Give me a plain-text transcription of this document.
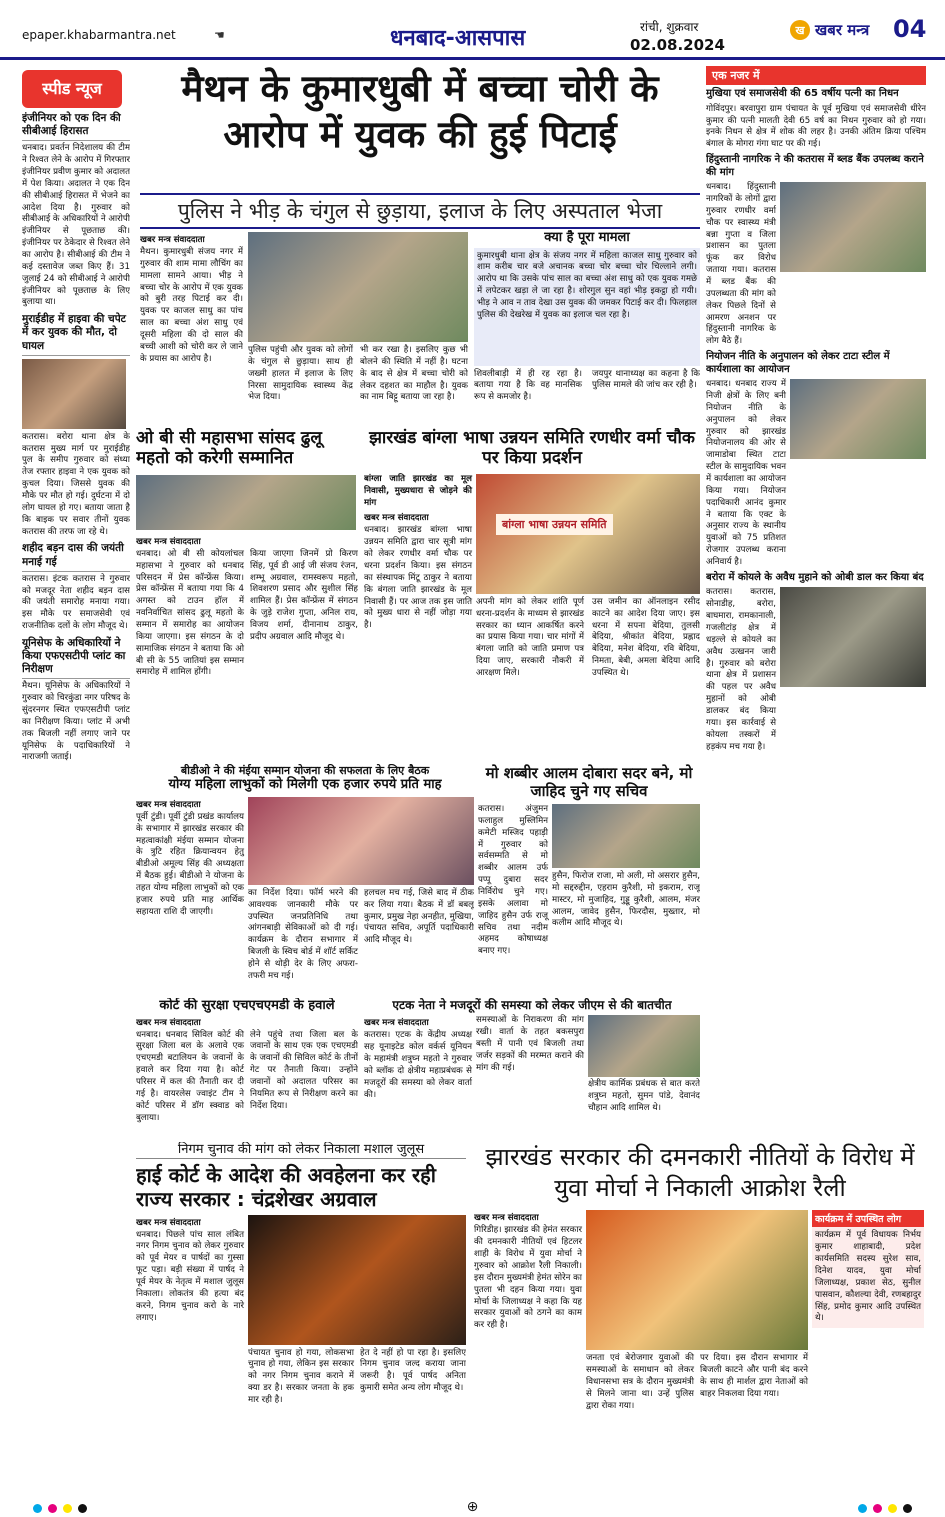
epaper.khabarmantra.net	☚	धनबाद-आसपास	रांची, शुक्रवार
02.08.2024
ख खबर मन्त्र 04
स्पीड न्यूज
इंजीनियर को एक दिन की सीबीआई हिरासत
धनबाद। प्रवर्तन निदेशालय की टीम ने रिश्वत लेने के आरोप में गिरफ्तार इंजीनियर प्रवीण कुमार को अदालत में पेश किया। अदालत ने एक दिन की सीबीआई हिरासत में भेजने का आदेश दिया है। गुरुवार को सीबीआई के अधिकारियों ने आरोपी इंजीनियर से पूछताछ की। इंजीनियर पर ठेकेदार से रिश्वत लेने का आरोप है। सीबीआई की टीम ने कई दस्तावेज जब्त किए हैं। 31 जुलाई 24 को सीबीआई ने आरोपी इंजीनियर को पूछताछ के लिए बुलाया था।
मुराईडीह में हाइवा की चपेट में कर युवक की मौत, दो घायल
कतरास। बरोरा थाना क्षेत्र के कतरास मुख्य मार्ग पर मुराईडीह पुल के समीप गुरुवार को संध्या तेज रफ्तार हाइवा ने एक युवक को कुचल दिया। जिससे युवक की मौके पर मौत हो गई। दुर्घटना में दो लोग घायल हो गए। बताया जाता है कि बाइक पर सवार तीनों युवक कतरास की तरफ जा रहे थे।
शहीद बड़न दास की जयंती मनाई गई
कतरास। इंटक कतरास ने गुरुवार को मजदूर नेता शहीद बड़न दास की जयंती समारोह मनाया गया। इस मौके पर समाजसेवी एवं राजनीतिक दलों के लोग मौजूद थे।
यूनिसेफ के अधिकारियों ने किया एफएसटीपी प्लांट का निरीक्षण
मैथन। यूनिसेफ के अधिकारियों ने गुरुवार को चिरकुंडा नगर परिषद के सुंदरनगर स्थित एफएसटीपी प्लांट का निरीक्षण किया। प्लांट में अभी तक बिजली नहीं लगाए जाने पर यूनिसेफ के पदाधिकारियों ने नाराजगी जताई।
मैथन के कुमारधुबी में बच्चा चोरी के आरोप में युवक की हुई पिटाई
पुलिस ने भीड़ के चंगुल से छुड़ाया, इलाज के लिए अस्पताल भेजा
खबर मन्त्र संवाददाता
मैथन। कुमारधुबी संजय नगर में गुरुवार की शाम मामा लौचिंग का मामला सामने आया। भीड़ ने बच्चा चोर के आरोप में एक युवक को बुरी तरह पिटाई कर दी। युवक पर काजल साधु का पांच साल का बच्चा अंश साधु एवं दूसरी महिला की दो साल की बच्ची आशी को चोरी कर ले जाने के प्रयास का आरोप है।
पुलिस पहुंची और युवक को लोगों के चंगुल से छुड़ाया। साथ ही जख्मी हालत में इलाज के लिए निरसा सामुदायिक स्वास्थ्य केंद्र भेज दिया।
भी कर रखा है। इसलिए कुछ भी बोलने की स्थिति में नहीं है। घटना के बाद से क्षेत्र में बच्चा चोरी को लेकर दहशत का माहौल है। युवक का नाम बिट्टू बताया जा रहा है।
क्या है पूरा मामला
कुमारधुबी थाना क्षेत्र के संजय नगर में महिला काजल साधु गुरुवार को शाम करीब चार बजे अचानक बच्चा चोर बच्चा चोर चिल्लाने लगी। आरोप था कि उसके पांच साल का बच्चा अंश साधु को एक युवक गमछे में लपेटकर खड़ा ले जा रहा है। शोरगुल सुन वहां भीड़ इकट्ठा हो गयी। भीड़ ने आव न ताव देखा उस युवक की जमकर पिटाई कर दी। फिलहाल पुलिस की देखरेख में युवक का इलाज चल रहा है।
शिवलीबाड़ी में ही रह रहा है। बताया गया है कि वह मानसिक रूप से कमजोर है।
जयपुर थानाध्यक्ष का कहना है कि पुलिस मामले की जांच कर रही है।
ओ बी सी महासभा सांसद ढुलू महतो को करेगी सम्मानित
खबर मन्त्र संवाददाता
धनबाद। ओ बी सी कोयलांचल महासभा ने गुरुवार को धनबाद परिसदन में प्रेस कॉन्फ्रेंस किया। प्रेस कॉन्फ्रेंस में बताया गया कि 4 अगस्त को टाउन हॉल में नवनिर्वाचित सांसद ढुलू महतो के सम्मान में समारोह का आयोजन किया जाएगा। इस संगठन के दो सामाजिक संगठन ने बताया कि ओ बी सी के 55 जातियां इस सम्मान समारोह में शामिल होंगी।
किया जाएगा जिनमें प्रो किरण सिंह, पूर्व डी आई जी संजय रंजन, शम्भू अग्रवाल, रामस्वरूप महतो, शिवशरण प्रसाद और सुशील सिंह शामिल हैं। प्रेस कॉन्फ्रेंस में संगठन के जुड़े राजेश गुप्ता, अनिल राय, विजय शर्मा, दीनानाथ ठाकुर, प्रदीप अग्रवाल आदि मौजूद थे।
झारखंड बांग्ला भाषा उन्नयन समिति रणधीर वर्मा चौक पर किया प्रदर्शन
बांग्ला जाति झारखंड का मूल निवासी, मुख्यधारा से जोड़ने की मांग
खबर मन्त्र संवाददाता
धनबाद। झारखंड बांग्ला भाषा उन्नयन समिति द्वारा चार सूत्री मांग को लेकर रणधीर वर्मा चौक पर धरना प्रदर्शन किया। इस संगठन का संस्थापक मिंटू ठाकुर ने बताया कि बंगला जाति झारखंड के मूल निवासी हैं। पर आज तक इस जाति को मुख्य धारा से नहीं जोड़ा गया है।
बांग्ला भाषा उन्नयन समिति
अपनी मांग को लेकर शांति पूर्ण धरना-प्रदर्शन के माध्यम से झारखंड सरकार का ध्यान आकर्षित करने का प्रयास किया गया। चार मांगों में बंगला जाति को जाति प्रमाण पत्र दिया जाए, सरकारी नौकरी में आरक्षण मिले।
उस जमीन का ऑनलाइन रसीद काटने का आदेश दिया जाए। इस धरना में सपना बेदिया, तुलसी बेदिया, श्रीकांत बेदिया, प्रह्लाद बेदिया, मनेश बेदिया, रवि बेदिया, निमता, बेबी, अमला बेदिया आदि उपस्थित थे।
बीडीओ ने की मंईया सम्मान योजना की सफलता के लिए बैठक
योग्य महिला लाभुकों को मिलेगी एक हजार रुपये प्रति माह
खबर मन्त्र संवाददाता
पूर्वी टुंडी। पूर्वी टुंडी प्रखंड कार्यालय के सभागार में झारखंड सरकार की महत्वाकांक्षी मंईया सम्मान योजना के त्रुटि रहित क्रियान्वयन हेतु बीडीओ अमूल्य सिंह की अध्यक्षता में बैठक हुई। बीडीओ ने योजना के तहत योग्य महिला लाभुकों को एक हजार रुपये प्रति माह आर्थिक सहायता राशि दी जाएगी।
का निर्देश दिया। फॉर्म भरने की आवश्यक जानकारी मौके पर उपस्थित जनप्रतिनिधि तथा आंगनबाड़ी सेविकाओं को दी गई। कार्यक्रम के दौरान सभागार में बिजली के स्विच बोर्ड में शॉर्ट सर्किट होने से थोड़ी देर के लिए अफरा-तफरी मच गई।
हलचल मच गई, जिसे बाद में ठीक कर लिया गया। बैठक में डॉ बबलू कुमार, प्रमुख नेहा अनहीत, मुखिया, पंचायत सचिव, अपूर्ति पदाधिकारी आदि मौजूद थे।
मो शब्बीर आलम दोबारा सदर बने, मो जाहिद चुने गए सचिव
कतरास। अंजुमन फलाहुल मुस्लिमिन कमेटी मस्जिद पहाड़ी में गुरुवार को सर्वसम्मति से मो शब्बीर आलम उर्फ पप्पू दुबारा सदर निर्विरोध चुने गए। इसके अलावा मो जाहिद हुसैन उर्फ राजू सचिव तथा नदीम अहमद कोषाध्यक्ष बनाए गए।
हुसैन, फिरोज राजा, मो अली, मो असरार हुसैन, मो सद्दरुद्दीन, एहराम कुरैशी, मो इकराम, राजू मास्टर, मो मुजाहिद, गुड्डू कुरैशी, आलम, मंजर आलम, जावेद हुसैन, फिरदौस, मुख्तार, मो कलीम आदि मौजूद थे।
कोर्ट की सुरक्षा एचएचएमडी के हवाले
खबर मन्त्र संवाददाता
धनबाद। धनबाद सिविल कोर्ट की सुरक्षा जिला बल के अलावे एक एचएमडी बटालियन के जवानों के हवाले कर दिया गया है। कोर्ट परिसर में कल की तैनाती कर दी गई है। वायरलेस ज्वाइंट टीम ने कोर्ट परिसर में डॉग स्क्वाड को बुलाया।
लेने पहुंचे तथा जिला बल के जवानों के साथ एक एक एचएमडी के जवानों की सिविल कोर्ट के तीनों गेट पर तैनाती किया। उन्होंने जवानों को अदालत परिसर का नियमित रूप से निरीक्षण करने का निर्देश दिया।
एटक नेता ने मजदूरों की समस्या को लेकर जीएम से की बातचीत
खबर मन्त्र संवाददाता
कतरास। एटक के केंद्रीय अध्यक्ष सह यूनाइटेड कोल वर्कर्स यूनियन के महामंत्री शत्रुघ्न महतो ने गुरुवार को ब्लॉक दो क्षेत्रीय महाप्रबंधक से मजदूरों की समस्या को लेकर वार्ता की।
समस्याओं के निराकरण की मांग रखी। वार्ता के तहत बकसपुरा बस्ती में पानी एवं बिजली तथा जर्जर सड़कों की मरम्मत कराने की मांग की गई।
क्षेत्रीय कार्मिक प्रबंधक से बात करते शत्रुघ्न महतो, सुमन पांडे, देवानंद चौहान आदि शामिल थे।
निगम चुनाव की मांग को लेकर निकाला मशाल जुलूस
हाई कोर्ट के आदेश की अवहेलना कर रही राज्य सरकार : चंद्रशेखर अग्रवाल
खबर मन्त्र संवाददाता
धनबाद। पिछले पांच साल लंबित नगर निगम चुनाव को लेकर गुरुवार को पूर्व मेयर व पार्षदों का गुस्सा फूट पड़ा। बड़ी संख्या में पार्षद ने पूर्व मेयर के नेतृत्व में मशाल जुलूस निकाला। लोकतंत्र की हत्या बंद करने, निगम चुनाव करो के नारे लगाए।
पंचायत चुनाव हो गया, लोकसभा चुनाव हो गया, लेकिन इस सरकार को नगर निगम चुनाव कराने में क्या डर है। सरकार जनता के हक मार रही है।
हेत दे नहीं हो पा रहा है। इसलिए निगम चुनाव जल्द कराया जाना जरूरी है। पूर्व पार्षद अनिता कुमारी समेत अन्य लोग मौजूद थे।
झारखंड सरकार की दमनकारी नीतियों के विरोध में युवा मोर्चा ने निकाली आक्रोश रैली
खबर मन्त्र संवाददाता
गिरिडीह। झारखंड की हेमंत सरकार की दमनकारी नीतियों एवं हिटलर शाही के विरोध में युवा मोर्चा ने गुरुवार को आक्रोश रैली निकाली। इस दौरान मुख्यमंत्री हेमंत सोरेन का पुतला भी दहन किया गया। युवा मोर्चा के जिलाध्यक्ष ने कहा कि यह सरकार युवाओं को ठगने का काम कर रही है।
जनता एवं बेरोजगार युवाओं की समस्याओं के समाधान को लेकर विधानसभा सत्र के दौरान मुख्यमंत्री से मिलने जाना था। उन्हें पुलिस द्वारा रोका गया।
पर दिया। इस दौरान सभागार में बिजली काटने और पानी बंद करने के साथ ही मार्शल द्वारा नेताओं को बाहर निकलवा दिया गया।
कार्यक्रम में उपस्थित लोग
कार्यक्रम में पूर्व विधायक निर्भय कुमार शाहाबादी, प्रदेश कार्यसमिति सदस्य सुरेश साव, दिनेश यादव, युवा मोर्चा जिलाध्यक्ष, प्रकाश सेठ, सुनील पासवान, कौशल्या देवी, रणबहादुर सिंह, प्रमोद कुमार आदि उपस्थित थे।
एक नजर में
मुखिया एवं समाजसेवी की 65 वर्षीय पत्नी का निधन
गोविंदपुर। बरवापुरा ग्राम पंचायत के पूर्व मुखिया एवं समाजसेवी धीरेन कुमार की पत्नी मालती देवी 65 वर्ष का निधन गुरुवार को हो गया। इनके निधन से क्षेत्र में शोक की लहर है। उनकी अंतिम क्रिया पश्चिम बंगाल के मोगरा गंगा घाट पर की गई।
हिंदुस्तानी नागरिक ने की कतरास में ब्लड बैंक उपलब्ध कराने की मांग
धनबाद। हिंदुस्तानी नागरिकों के लोगों द्वारा गुरुवार रणधीर वर्मा चौक पर स्वास्थ्य मंत्री बन्ना गुप्ता व जिला प्रशासन का पुतला फूंक कर विरोध जताया गया। कतरास में ब्लड बैंक की उपलब्धता की मांग को लेकर पिछले दिनों से आमरण अनशन पर हिंदुस्तानी नागरिक के लोग बैठे हैं।
नियोजन नीति के अनुपालन को लेकर टाटा स्टील में कार्यशाला का आयोजन
धनबाद। धनबाद राज्य में निजी क्षेत्रों के लिए बनी नियोजन नीति के अनुपालन को लेकर गुरुवार को झारखंड नियोजनालय की ओर से जामाडोबा स्थित टाटा स्टील के सामुदायिक भवन में कार्यशाला का आयोजन किया गया। नियोजन पदाधिकारी आनंद कुमार ने बताया कि एक्ट के अनुसार राज्य के स्थानीय युवाओं को 75 प्रतिशत रोजगार उपलब्ध कराना अनिवार्य है।
बरोरा में कोयले के अवैध मुहाने को ओबी डाल कर किया बंद
कतरास। कतरास, सोनाडीह, बरोरा, बाघमारा, रामकानाली, गजलीटांड़ क्षेत्र में धड़ल्ले से कोयले का अवैध उत्खनन जारी है। गुरुवार को बरोरा थाना क्षेत्र में प्रशासन की पहल पर अवैध मुहानों को ओबी डालकर बंद किया गया। इस कार्रवाई से कोयला तस्करों में हड़कंप मच गया है।
⊕
